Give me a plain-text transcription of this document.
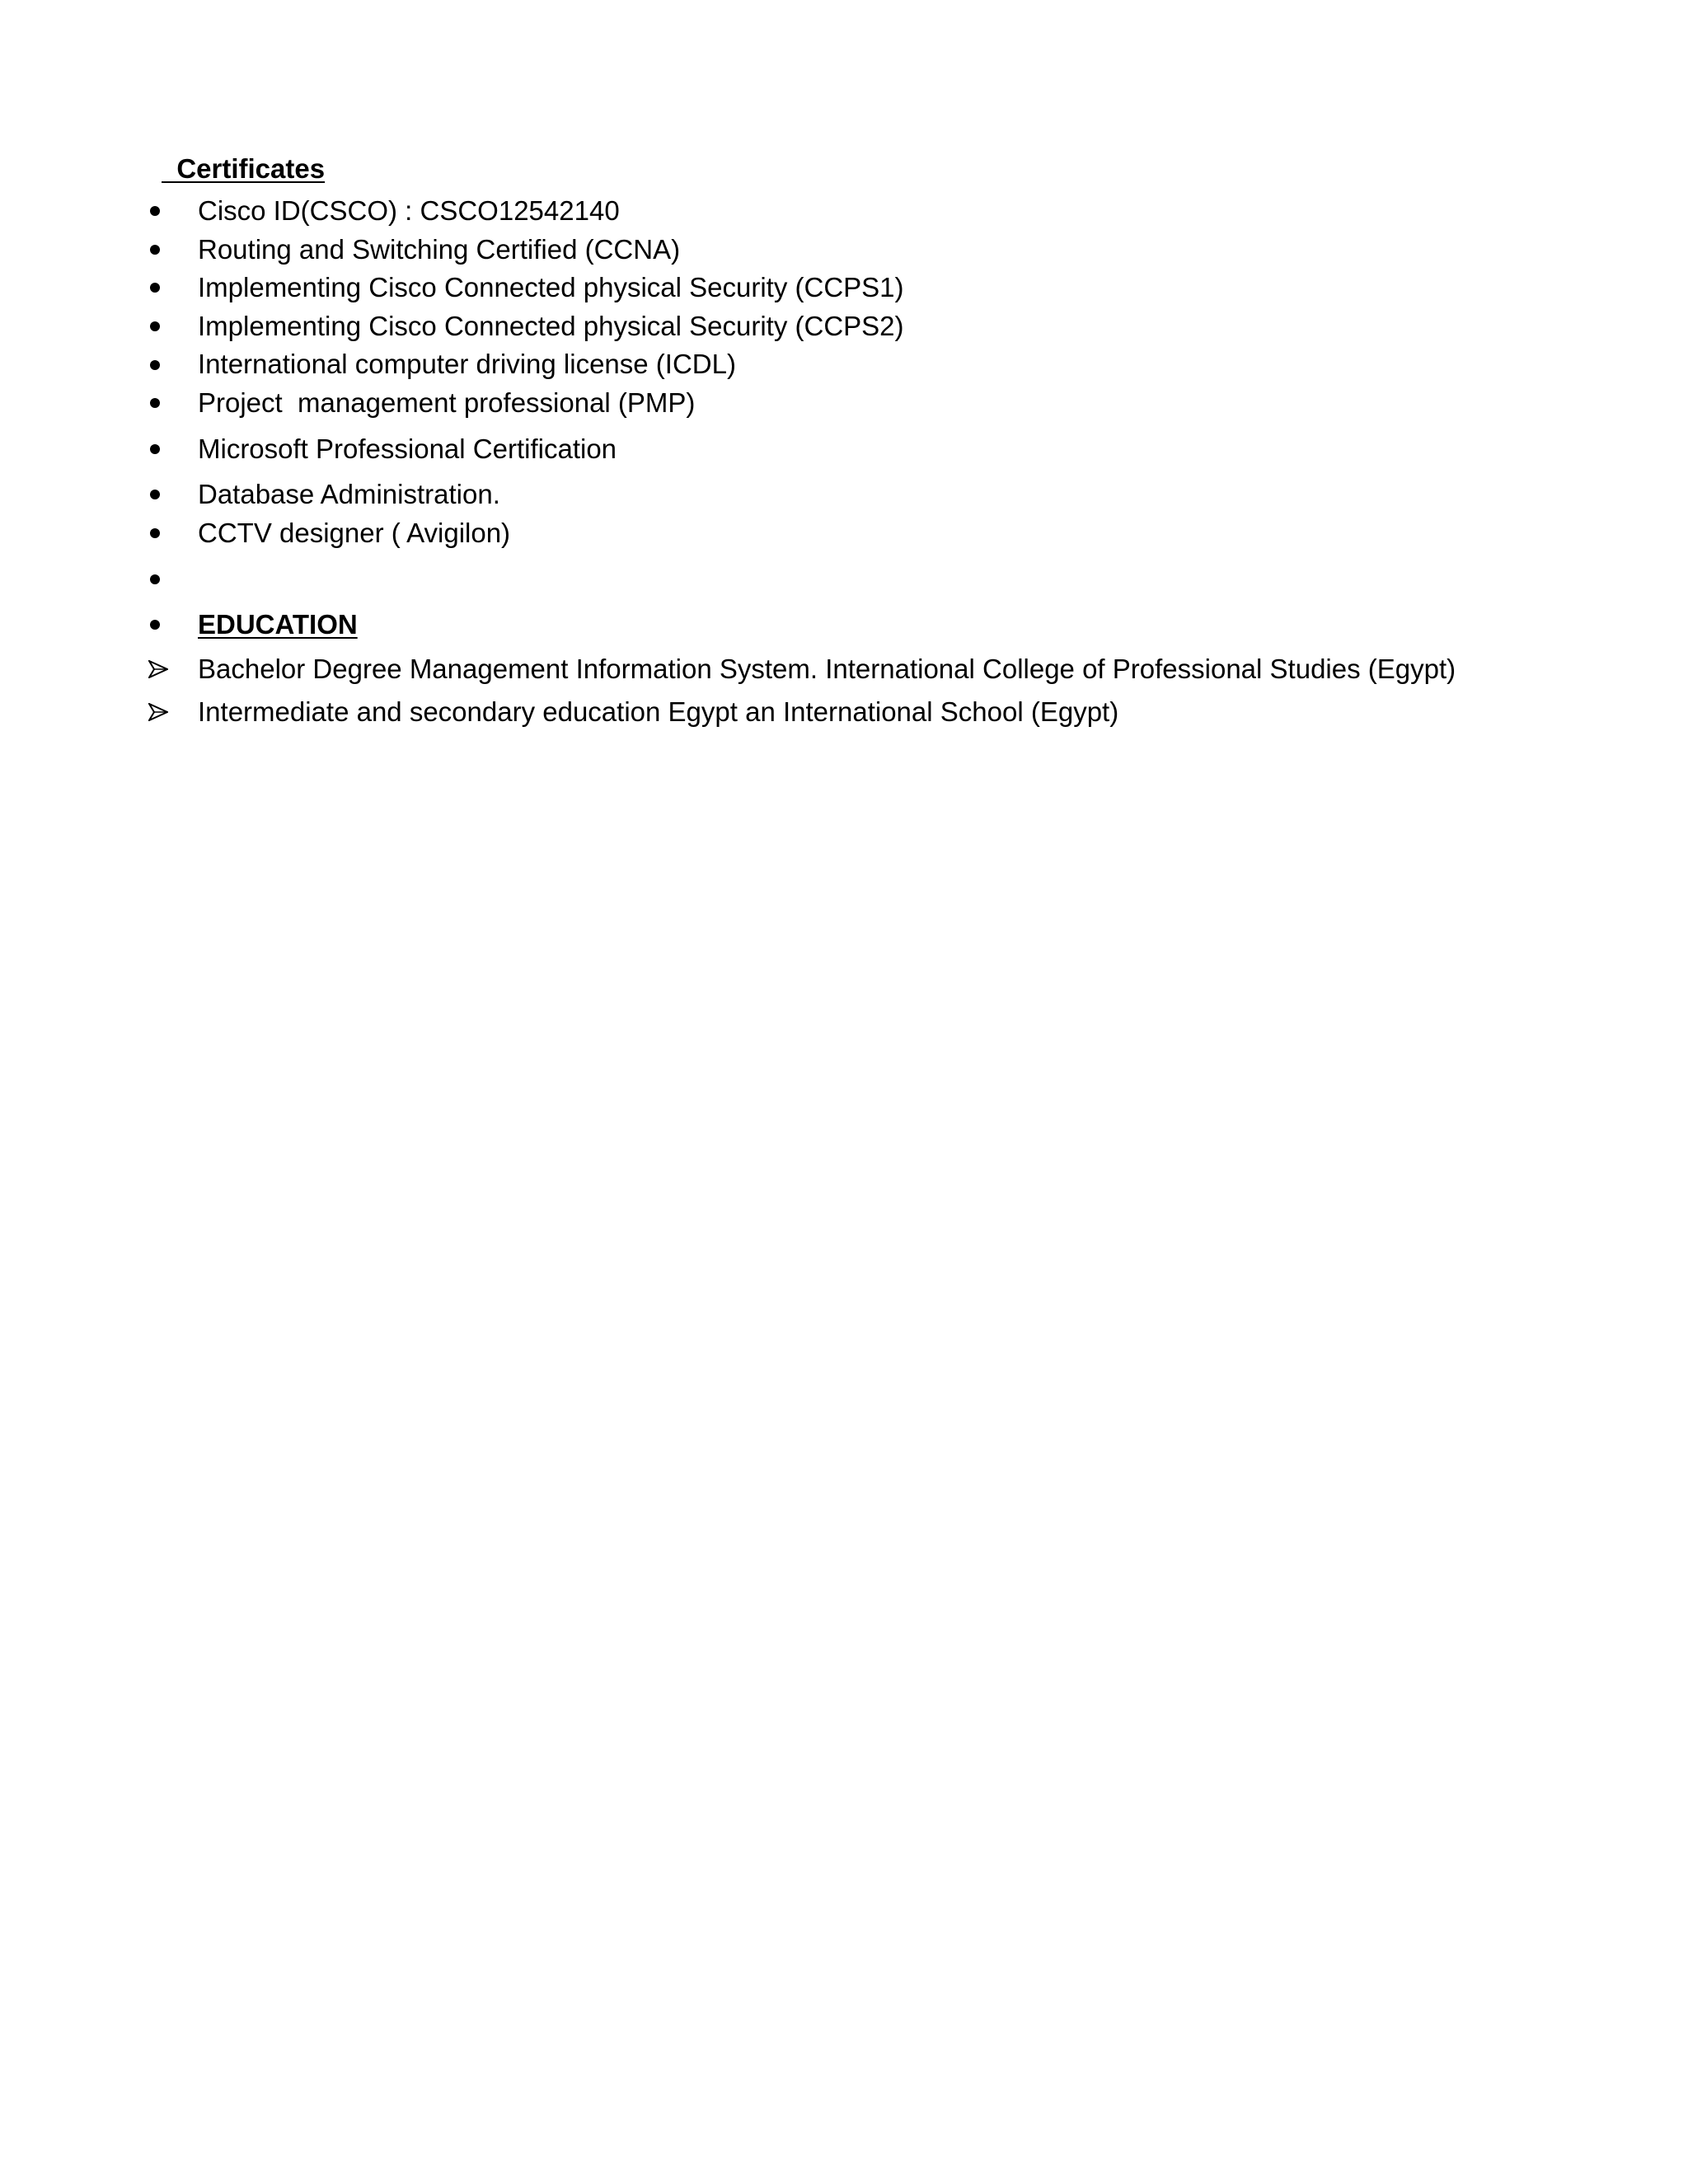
Certificates

Cisco ID(CSCO) : CSCO12542140

Routing and Switching Certified (CCNA)

Implementing Cisco Connected physical Security (CCPS1)

Implementing Cisco Connected physical Security (CCPS2)

International computer driving license (ICDL)

Project  management professional (PMP)

Microsoft Professional Certification

Database Administration.

CCTV designer ( Avigilon)

EDUCATION

Bachelor Degree Management Information System. International College of Professional Studies (Egypt)

Intermediate and secondary education Egypt an International School (Egypt)
